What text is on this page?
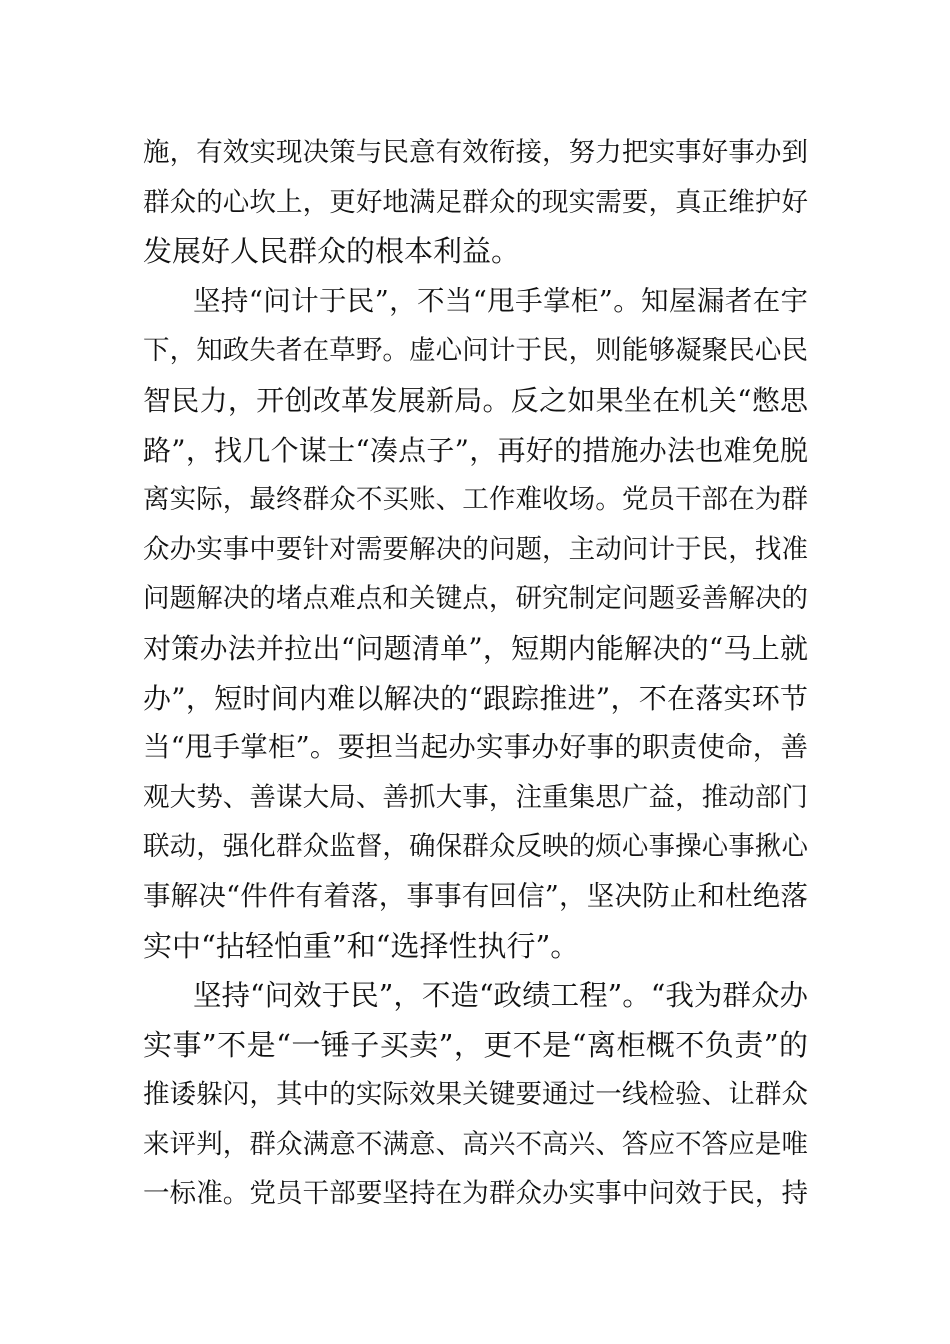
施，有效实现决策与民意有效衔接，努力把实事好事办到
群众的心坎上，更好地满足群众的现实需要，真正维护好
发展好人民群众的根本利益。
坚持“问计于民”，不当“甩手掌柜”。知屋漏者在宇
下，知政失者在草野。虚心问计于民，则能够凝聚民心民
智民力，开创改革发展新局。反之如果坐在机关“憋思
路”，找几个谋士“凑点子”，再好的措施办法也难免脱
离实际，最终群众不买账、工作难收场。党员干部在为群
众办实事中要针对需要解决的问题，主动问计于民，找准
问题解决的堵点难点和关键点，研究制定问题妥善解决的
对策办法并拉出“问题清单”，短期内能解决的“马上就
办”，短时间内难以解决的“跟踪推进”，不在落实环节
当“甩手掌柜”。要担当起办实事办好事的职责使命，善
观大势、善谋大局、善抓大事，注重集思广益，推动部门
联动，强化群众监督，确保群众反映的烦心事操心事揪心
事解决“件件有着落，事事有回信”，坚决防止和杜绝落
实中“拈轻怕重”和“选择性执行”。
坚持“问效于民”，不造“政绩工程”。“我为群众办
实事”不是“一锤子买卖”，更不是“离柜概不负责”的
推诿躲闪，其中的实际效果关键要通过一线检验、让群众
来评判，群众满意不满意、高兴不高兴、答应不答应是唯
一标准。党员干部要坚持在为群众办实事中问效于民，持
